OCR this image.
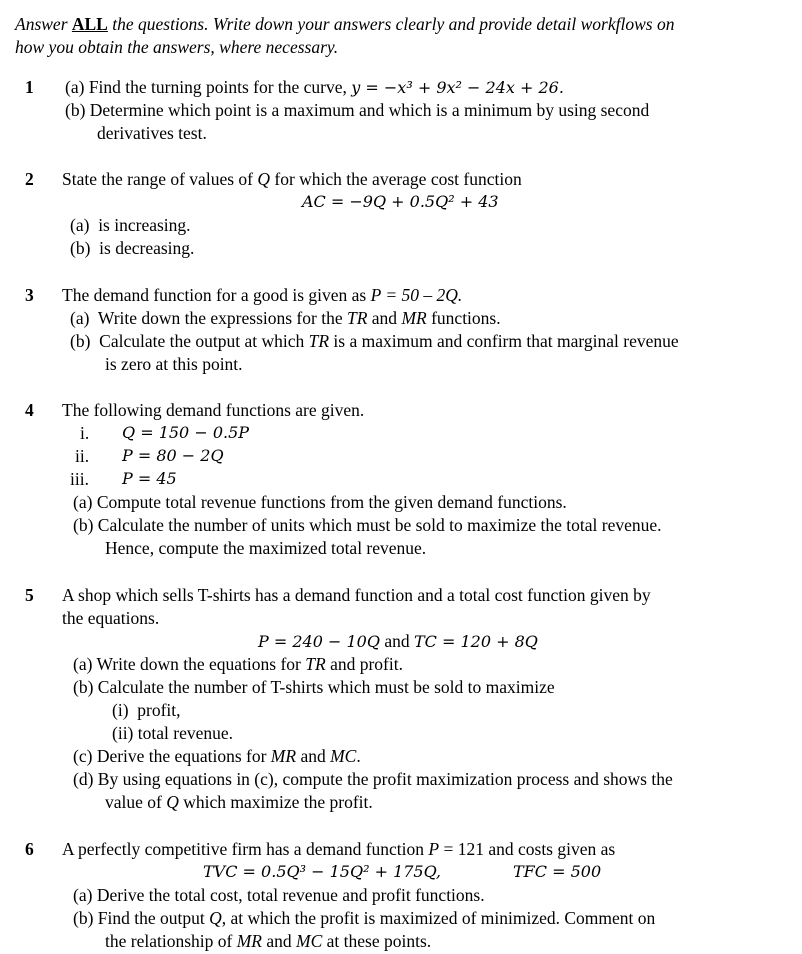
Answer ALL the questions. Write down your answers clearly and provide detail workflows on
how you obtain the answers, where necessary.
1 (a) Find the turning points for the curve, y = −x³ + 9x² − 24x + 26.
(b) Determine which point is a maximum and which is a minimum by using second
derivatives test.
2 State the range of values of Q for which the average cost function
AC = −9Q + 0.5Q² + 43
(a) is increasing.
(b) is decreasing.
3 The demand function for a good is given as P = 50 – 2Q.
(a) Write down the expressions for the TR and MR functions.
(b) Calculate the output at which TR is a maximum and confirm that marginal revenue
is zero at this point.
4 The following demand functions are given.
i. Q = 150 − 0.5P
ii. P = 80 − 2Q
iii. P = 45
(a) Compute total revenue functions from the given demand functions.
(b) Calculate the number of units which must be sold to maximize the total revenue.
Hence, compute the maximized total revenue.
5 A shop which sells T-shirts has a demand function and a total cost function given by
the equations.
P = 240 − 10Q and TC = 120 + 8Q
(a) Write down the equations for TR and profit.
(b) Calculate the number of T-shirts which must be sold to maximize
(i) profit,
(ii) total revenue.
(c) Derive the equations for MR and MC.
(d) By using equations in (c), compute the profit maximization process and shows the
value of Q which maximize the profit.
6 A perfectly competitive firm has a demand function P = 121 and costs given as
TVC = 0.5Q³ − 15Q² + 175Q,	TFC = 500
(a) Derive the total cost, total revenue and profit functions.
(b) Find the output Q, at which the profit is maximized of minimized. Comment on
the relationship of MR and MC at these points.
